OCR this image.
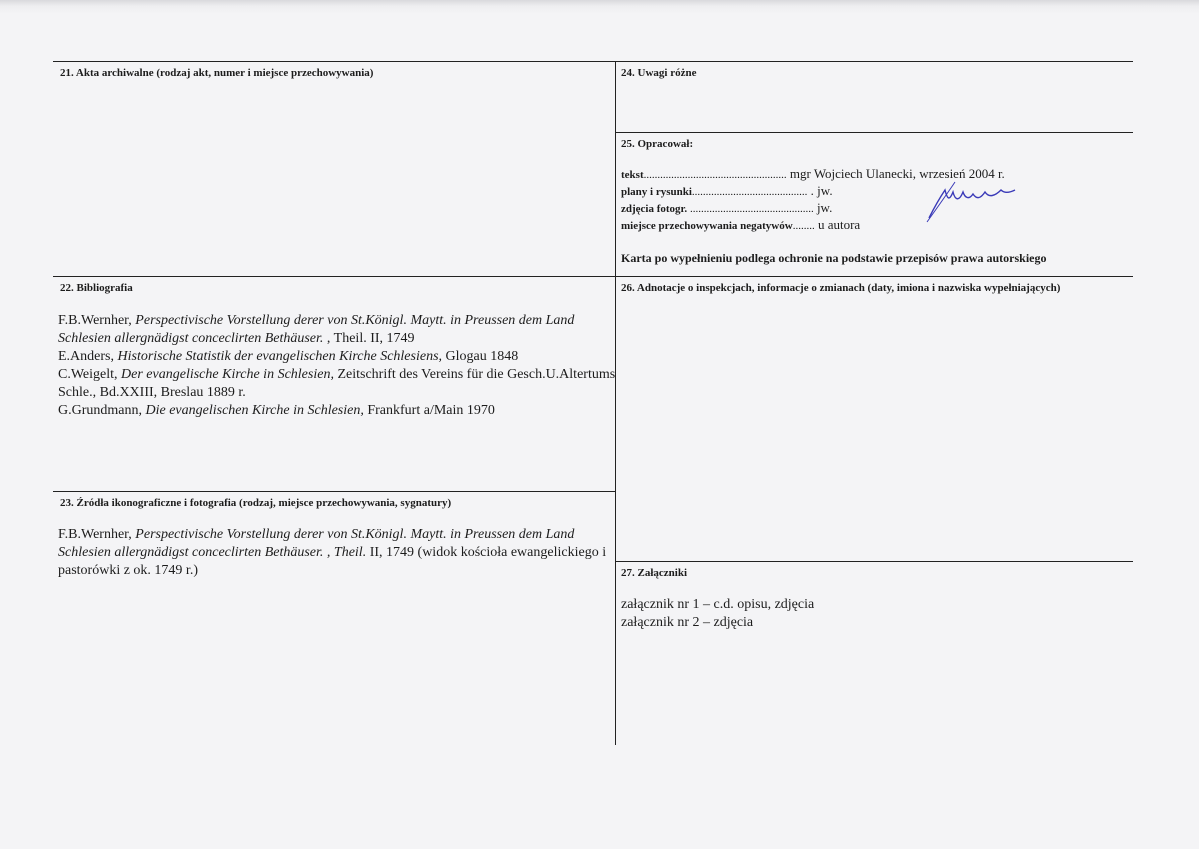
21. Akta archiwalne (rodzaj akt, numer i miejsce przechowywania)
22. Bibliografia

F.B.Wernher, Perspectivische Vorstellung derer von St.Königl. Maytt. in Preussen dem Land Schlesien allergnädigst conceclirten Bethäuser. , Theil. II, 1749

E.Anders, Historische Statistik der evangelischen Kirche Schlesiens, Glogau 1848

C.Weigelt, Der evangelische Kirche in Schlesien, Zeitschrift des Vereins für die Gesch.U.Altertums Schle., Bd.XXIII, Breslau 1889 r.

G.Grundmann, Die evangelischen Kirche in Schlesien, Frankfurt a/Main 1970

23. Źródła ikonograficzne i fotografia (rodzaj, miejsce przechowywania, sygnatury)
F.B.Wernher, Perspectivische Vorstellung derer von St.Königl. Maytt. in Preussen dem Land Schlesien allergnädigst conceclirten Bethäuser. , Theil. II, 1749 (widok kościoła ewangelickiego i pastorówki z ok. 1749 r.)
24. Uwagi różne
25. Opracował:
tekst.................................................... mgr Wojciech Ulanecki, wrzesień 2004 r.
plany i rysunki.......................................... . jw.
zdjęcia fotogr. ............................................. jw.
miejsce przechowywania negatywów........ u autora
Karta po wypełnieniu podlega ochronie na podstawie przepisów prawa autorskiego
26. Adnotacje o inspekcjach, informacje o zmianach (daty, imiona i nazwiska wypełniających)
27. Załączniki
załącznik nr 1 – c.d. opisu, zdjęcia
załącznik nr 2 – zdjęcia
